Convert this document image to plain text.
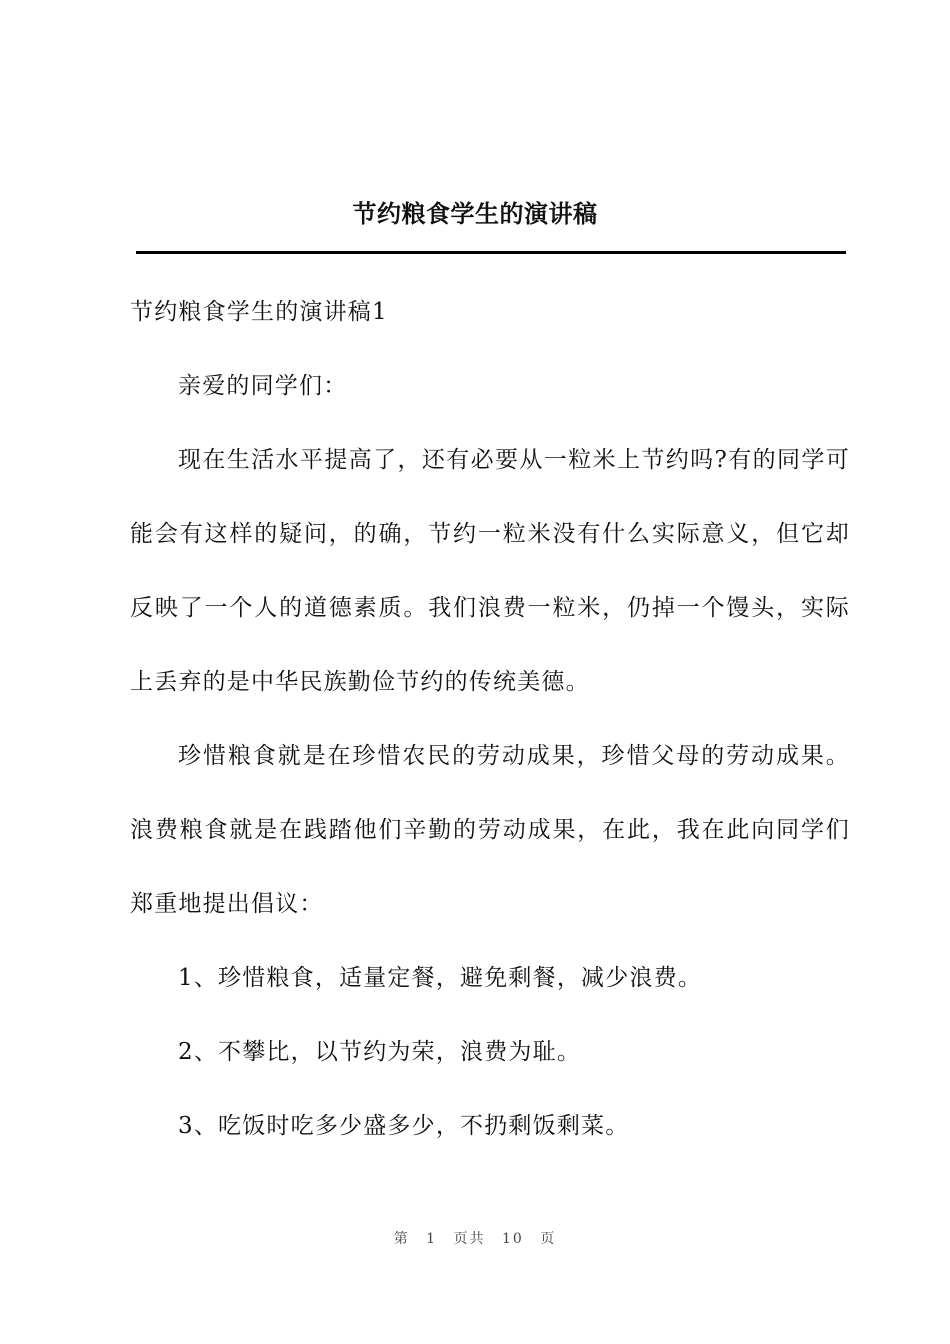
节约粮食学生的演讲稿

节约粮食学生的演讲稿1

亲爱的同学们：

现在生活水平提高了，还有必要从一粒米上节约吗?有的同学可能会有这样的疑问，的确，节约一粒米没有什么实际意义，但它却反映了一个人的道德素质。我们浪费一粒米，仍掉一个馒头，实际上丢弃的是中华民族勤俭节约的传统美德。

珍惜粮食就是在珍惜农民的劳动成果，珍惜父母的劳动成果。浪费粮食就是在践踏他们辛勤的劳动成果，在此，我在此向同学们郑重地提出倡议：

1、珍惜粮食，适量定餐，避免剩餐，减少浪费。

2、不攀比，以节约为荣，浪费为耻。

3、吃饭时吃多少盛多少，不扔剩饭剩菜。

第 1 页共 10 页
